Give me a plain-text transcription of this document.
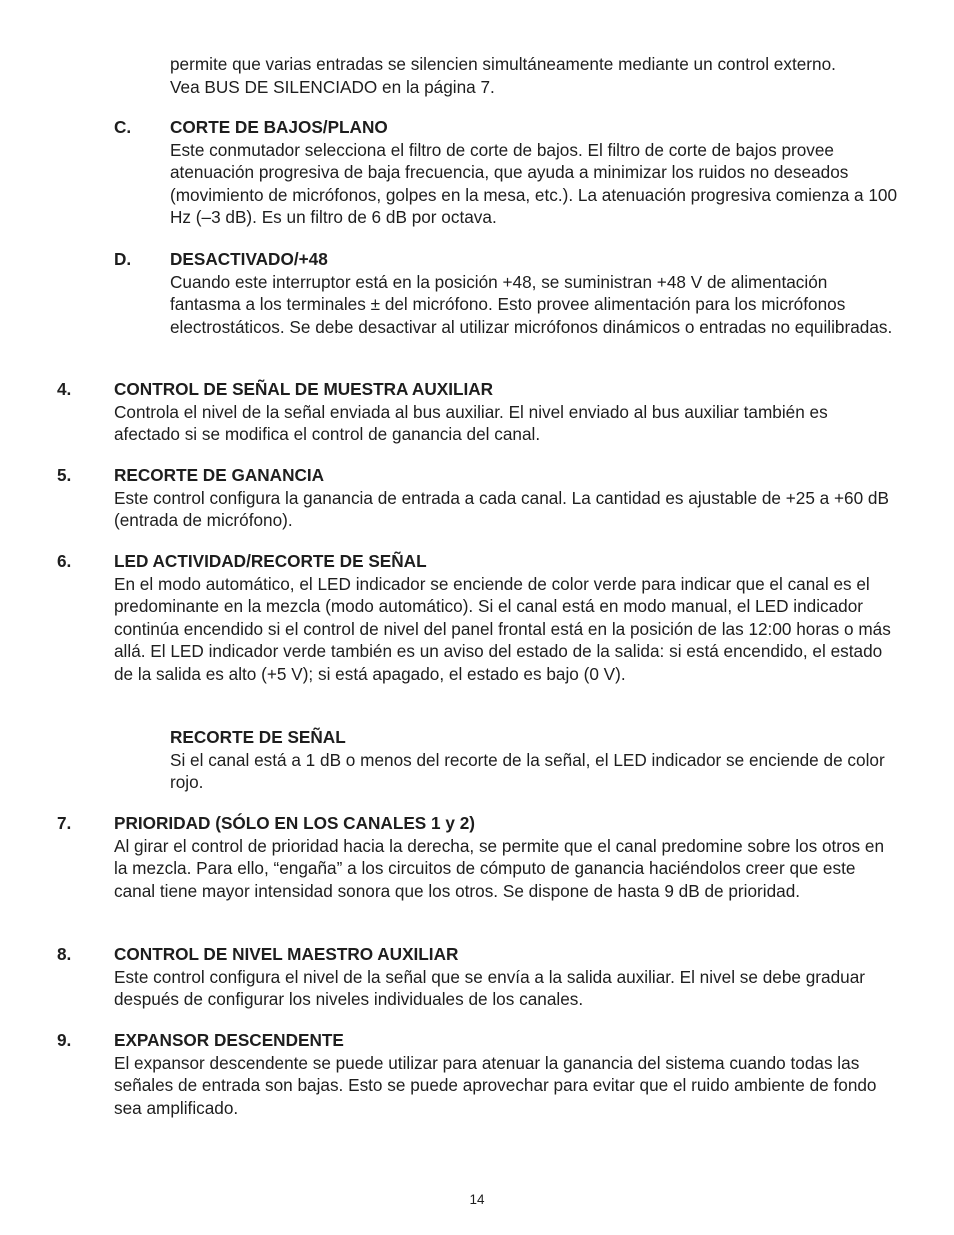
permite que varias entradas se silencien simultáneamente mediante un control externo. Vea BUS DE SILENCIADO en la página 7.
C. CORTE DE BAJOS/PLANO
Este conmutador selecciona el filtro de corte de bajos. El filtro de corte de bajos provee atenuación progresiva de baja frecuencia, que ayuda a minimizar los ruidos no deseados (movimiento de micrófonos, golpes en la mesa, etc.). La atenuación progresiva comienza a 100 Hz (–3 dB). Es un filtro de 6 dB por octava.
D. DESACTIVADO/+48
Cuando este interruptor está en la posición +48, se suministran +48 V de alimentación fantasma a los terminales ± del micrófono. Esto provee alimentación para los micrófonos electrostáticos. Se debe desactivar al utilizar micrófonos dinámicos o entradas no equilibradas.
4. CONTROL DE SEÑAL DE MUESTRA AUXILIAR
Controla el nivel de la señal enviada al bus auxiliar. El nivel enviado al bus auxiliar también es afectado si se modifica el control de ganancia del canal.
5. RECORTE DE GANANCIA
Este control configura la ganancia de entrada a cada canal. La cantidad es ajustable de +25 a +60 dB (entrada de micrófono).
6. LED ACTIVIDAD/RECORTE DE SEÑAL
En el modo automático, el LED indicador se enciende de color verde para indicar que el canal es el predominante en la mezcla (modo automático). Si el canal está en modo manual, el LED indicador continúa encendido si el control de nivel del panel frontal está en la posición de las 12:00 horas o más allá. El LED indicador verde también es un aviso del estado de la salida: si está encendido, el estado de la salida es alto (+5 V); si está apagado, el estado es bajo (0 V).
RECORTE DE SEÑAL
Si el canal está a 1 dB o menos del recorte de la señal, el LED indicador se enciende de color rojo.
7. PRIORIDAD (SÓLO EN LOS CANALES 1 y 2)
Al girar el control de prioridad hacia la derecha, se permite que el canal predomine sobre los otros en la mezcla. Para ello, “engaña” a los circuitos de cómputo de ganancia haciéndolos creer que este canal tiene mayor intensidad sonora que los otros. Se dispone de hasta 9 dB de prioridad.
8. CONTROL DE NIVEL MAESTRO AUXILIAR
Este control configura el nivel de la señal que se envía a la salida auxiliar. El nivel se debe graduar después de configurar los niveles individuales de los canales.
9. EXPANSOR DESCENDENTE
El expansor descendente se puede utilizar para atenuar la ganancia del sistema cuando todas las señales de entrada son bajas. Esto se puede aprovechar para evitar que el ruido ambiente de fondo sea amplificado.
14
